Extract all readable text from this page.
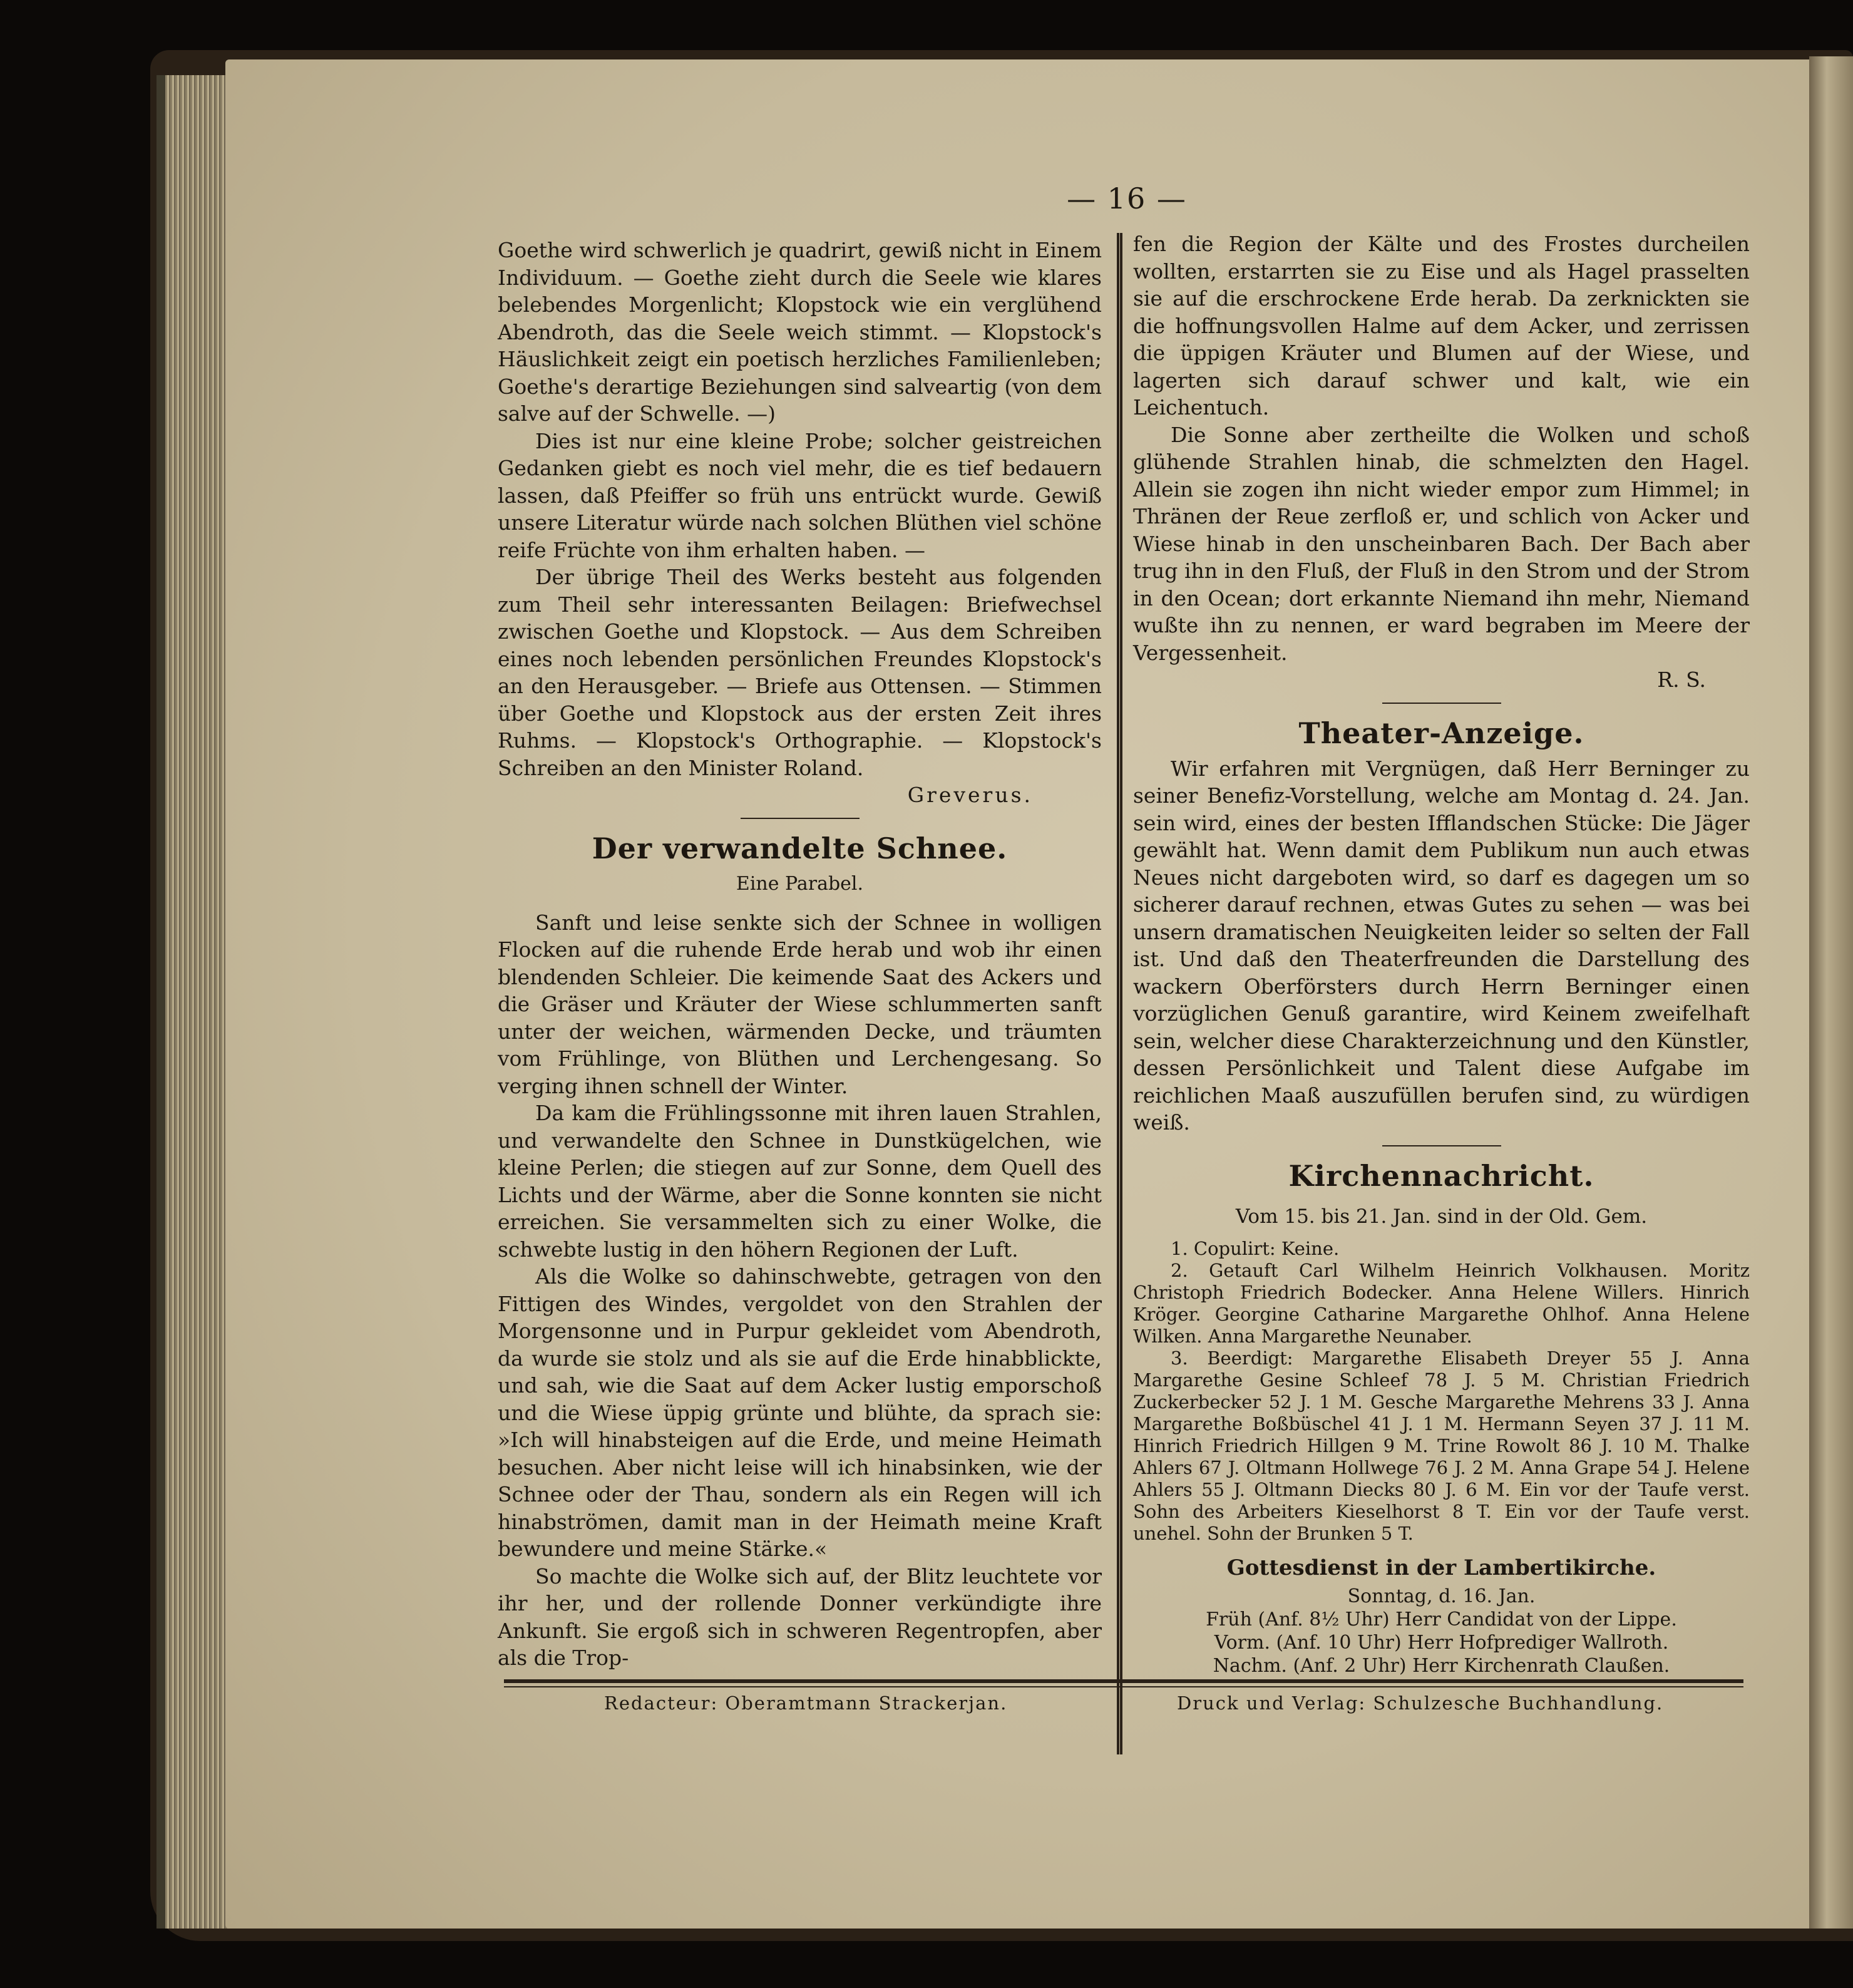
— 16 —

Goethe wird schwerlich je quadrirt, gewiß nicht in Einem Individuum. — Goethe zieht durch die Seele wie klares belebendes Morgenlicht; Klopstock wie ein verglühend Abendroth, das die Seele weich stimmt. — Klopstock's Häuslichkeit zeigt ein poetisch herzliches Familienleben; Goethe's derartige Beziehungen sind salveartig (von dem salve auf der Schwelle. —)

Dies ist nur eine kleine Probe; solcher geistreichen Gedanken giebt es noch viel mehr, die es tief bedauern lassen, daß Pfeiffer so früh uns entrückt wurde. Gewiß unsere Literatur würde nach solchen Blüthen viel schöne reife Früchte von ihm erhalten haben. —

Der übrige Theil des Werks besteht aus folgenden zum Theil sehr interessanten Beilagen: Briefwechsel zwischen Goethe und Klopstock. — Aus dem Schreiben eines noch lebenden persönlichen Freundes Klopstock's an den Herausgeber. — Briefe aus Ottensen. — Stimmen über Goethe und Klopstock aus der ersten Zeit ihres Ruhms. — Klopstock's Orthographie. — Klopstock's Schreiben an den Minister Roland.

Greverus.

Der verwandelte Schnee.
Eine Parabel.

Sanft und leise senkte sich der Schnee in wolligen Flocken auf die ruhende Erde herab und wob ihr einen blendenden Schleier. Die keimende Saat des Ackers und die Gräser und Kräuter der Wiese schlummerten sanft unter der weichen, wärmenden Decke, und träumten vom Frühlinge, von Blüthen und Lerchengesang. So verging ihnen schnell der Winter.

Da kam die Frühlingssonne mit ihren lauen Strahlen, und verwandelte den Schnee in Dunstkügelchen, wie kleine Perlen; die stiegen auf zur Sonne, dem Quell des Lichts und der Wärme, aber die Sonne konnten sie nicht erreichen. Sie versammelten sich zu einer Wolke, die schwebte lustig in den höhern Regionen der Luft.

Als die Wolke so dahinschwebte, getragen von den Fittigen des Windes, vergoldet von den Strahlen der Morgensonne und in Purpur gekleidet vom Abendroth, da wurde sie stolz und als sie auf die Erde hinabblickte, und sah, wie die Saat auf dem Acker lustig emporschoß und die Wiese üppig grünte und blühte, da sprach sie: »Ich will hinabsteigen auf die Erde, und meine Heimath besuchen. Aber nicht leise will ich hinabsinken, wie der Schnee oder der Thau, sondern als ein Regen will ich hinabströmen, damit man in der Heimath meine Kraft bewundere und meine Stärke.«

So machte die Wolke sich auf, der Blitz leuchtete vor ihr her, und der rollende Donner verkündigte ihre Ankunft. Sie ergoß sich in schweren Regentropfen, aber als die Trop-

fen die Region der Kälte und des Frostes durcheilen wollten, erstarrten sie zu Eise und als Hagel prasselten sie auf die erschrockene Erde herab. Da zerknickten sie die hoffnungsvollen Halme auf dem Acker, und zerrissen die üppigen Kräuter und Blumen auf der Wiese, und lagerten sich darauf schwer und kalt, wie ein Leichentuch.

Die Sonne aber zertheilte die Wolken und schoß glühende Strahlen hinab, die schmelzten den Hagel. Allein sie zogen ihn nicht wieder empor zum Himmel; in Thränen der Reue zerfloß er, und schlich von Acker und Wiese hinab in den unscheinbaren Bach. Der Bach aber trug ihn in den Fluß, der Fluß in den Strom und der Strom in den Ocean; dort erkannte Niemand ihn mehr, Niemand wußte ihn zu nennen, er ward begraben im Meere der Vergessenheit.

R. S.

Theater-Anzeige.

Wir erfahren mit Vergnügen, daß Herr Berninger zu seiner Benefiz-Vorstellung, welche am Montag d. 24. Jan. sein wird, eines der besten Ifflandschen Stücke: Die Jäger gewählt hat. Wenn damit dem Publikum nun auch etwas Neues nicht dargeboten wird, so darf es dagegen um so sicherer darauf rechnen, etwas Gutes zu sehen — was bei unsern dramatischen Neuigkeiten leider so selten der Fall ist. Und daß den Theaterfreunden die Darstellung des wackern Oberförsters durch Herrn Berninger einen vorzüglichen Genuß garantire, wird Keinem zweifelhaft sein, welcher diese Charakterzeichnung und den Künstler, dessen Persönlichkeit und Talent diese Aufgabe im reichlichen Maaß auszufüllen berufen sind, zu würdigen weiß.

Kirchennachricht.
Vom 15. bis 21. Jan. sind in der Old. Gem.

1. Copulirt: Keine.

2. Getauft Carl Wilhelm Heinrich Volkhausen. Moritz Christoph Friedrich Bodecker. Anna Helene Willers. Hinrich Kröger. Georgine Catharine Margarethe Ohlhof. Anna Helene Wilken. Anna Margarethe Neunaber.

3. Beerdigt: Margarethe Elisabeth Dreyer 55 J. Anna Margarethe Gesine Schleef 78 J. 5 M. Christian Friedrich Zuckerbecker 52 J. 1 M. Gesche Margarethe Mehrens 33 J. Anna Margarethe Boßbüschel 41 J. 1 M. Hermann Seyen 37 J. 11 M. Hinrich Friedrich Hillgen 9 M. Trine Rowolt 86 J. 10 M. Thalke Ahlers 67 J. Oltmann Hollwege 76 J. 2 M. Anna Grape 54 J. Helene Ahlers 55 J. Oltmann Diecks 80 J. 6 M. Ein vor der Taufe verst. Sohn des Arbeiters Kieselhorst 8 T. Ein vor der Taufe verst. unehel. Sohn der Brunken 5 T.

Gottesdienst in der Lambertikirche.
Sonntag, d. 16. Jan.
Früh (Anf. 8½ Uhr) Herr Candidat von der Lippe.
Vorm. (Anf. 10 Uhr) Herr Hofprediger Wallroth.
Nachm. (Anf. 2 Uhr) Herr Kirchenrath Claußen.
Redacteur: Oberamtmann Strackerjan.	Druck und Verlag: Schulzesche Buchhandlung.
